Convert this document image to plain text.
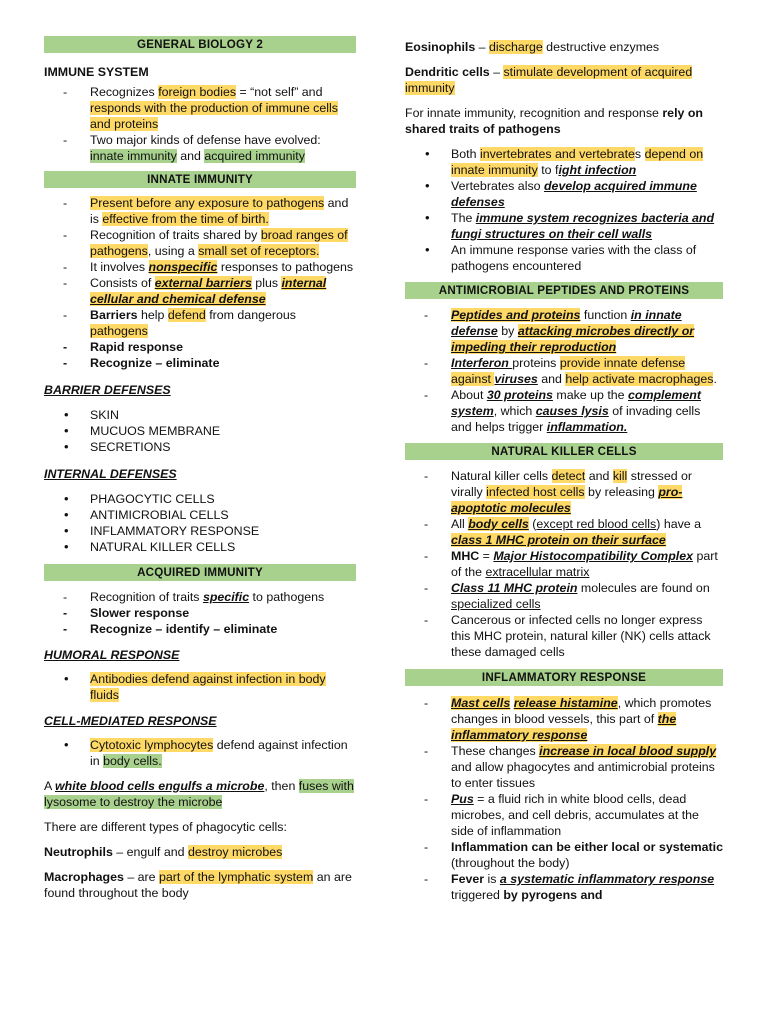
GENERAL BIOLOGY 2

IMMUNE SYSTEM

- Recognizes foreign bodies = “not self” and responds with the production of immune cells and proteins
- Two major kinds of defense have evolved: innate immunity and acquired immunity
INNATE IMMUNITY
- Present before any exposure to pathogens and is effective from the time of birth.
- Recognition of traits shared by broad ranges of pathogens, using a small set of receptors.
- It involves nonspecific responses to pathogens
- Consists of external barriers plus internal cellular and chemical defense
- Barriers help defend from dangerous pathogens
- Rapid response
- Recognize – eliminate

BARRIER DEFENSES

• SKIN
• MUCUOS MEMBRANE
• SECRETIONS

INTERNAL DEFENSES

• PHAGOCYTIC CELLS
• ANTIMICROBIAL CELLS
• INFLAMMATORY RESPONSE
• NATURAL KILLER CELLS
ACQUIRED IMMUNITY
- Recognition of traits specific to pathogens
- Slower response
- Recognize – identify – eliminate

HUMORAL RESPONSE

• Antibodies defend against infection in body fluids

CELL-MEDIATED RESPONSE

• Cytotoxic lymphocytes defend against infection in body cells.

A white blood cells engulfs a microbe, then fuses with lysosome to destroy the microbe

There are different types of phagocytic cells:

Neutrophils – engulf and destroy microbes

Macrophages – are part of the lymphatic system an are found throughout the body

Eosinophils – discharge destructive enzymes

Dendritic cells – stimulate development of acquired immunity

For innate immunity, recognition and response rely on shared traits of pathogens

• Both invertebrates and vertebrates depend on innate immunity to fight infection
• Vertebrates also develop acquired immune defenses
• The immune system recognizes bacteria and fungi structures on their cell walls
• An immune response varies with the class of pathogens encountered
ANTIMICROBIAL PEPTIDES AND PROTEINS
- Peptides and proteins function in innate defense by attacking microbes directly or impeding their reproduction
- Interferon proteins provide innate defense against viruses and help activate macrophages.
- About 30 proteins make up the complement system, which causes lysis of invading cells and helps trigger inflammation.
NATURAL KILLER CELLS
- Natural killer cells detect and kill stressed or virally infected host cells by releasing pro- apoptotic molecules
- All body cells (except red blood cells) have a class 1 MHC protein on their surface
- MHC = Major Histocompatibility Complex part of the extracellular matrix
- Class 11 MHC protein molecules are found on specialized cells
- Cancerous or infected cells no longer express this MHC protein, natural killer (NK) cells attack these damaged cells
INFLAMMATORY RESPONSE
- Mast cells release histamine, which promotes changes in blood vessels, this part of the inflammatory response
- These changes increase in local blood supply and allow phagocytes and antimicrobial proteins to enter tissues
- Pus = a fluid rich in white blood cells, dead microbes, and cell debris, accumulates at the side of inflammation
- Inflammation can be either local or systematic (throughout the body)
- Fever is a systematic inflammatory response triggered by pyrogens and
